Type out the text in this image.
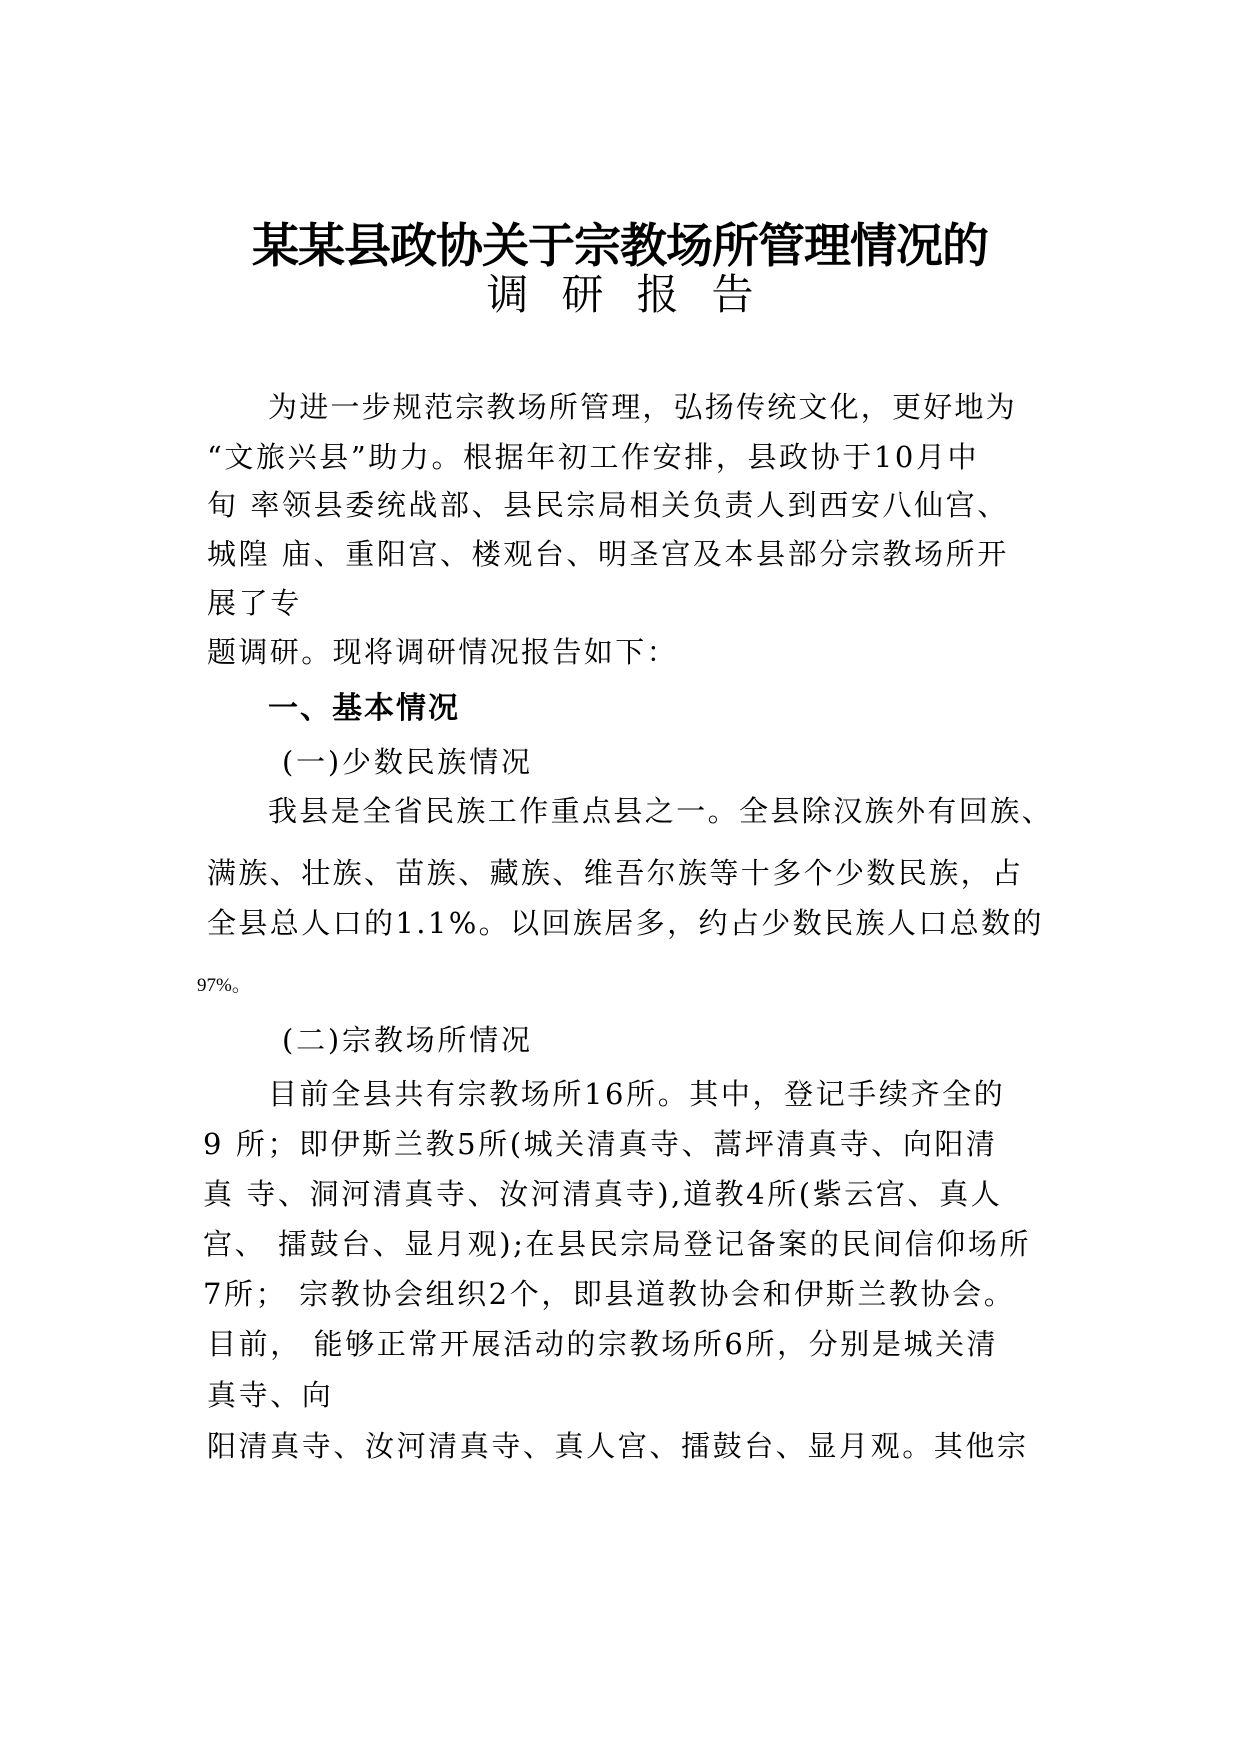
某某县政协关于宗教场所管理情况的
调研报告
为进一步规范宗教场所管理，弘扬传统文化，更好地为
“文旅兴县”助力。根据年初工作安排，县政协于10月中
旬 率领县委统战部、县民宗局相关负责人到西安八仙宫、
城隍 庙、重阳宫、楼观台、明圣宫及本县部分宗教场所开
展了专
题调研。现将调研情况报告如下：
一、基本情况
(一)少数民族情况
我县是全省民族工作重点县之一。全县除汉族外有回族、
满族、壮族、苗族、藏族、维吾尔族等十多个少数民族，占
全县总人口的1.1%。以回族居多，约占少数民族人口总数的
97%。
(二)宗教场所情况
目前全县共有宗教场所16所。其中，登记手续齐全的
9 所；即伊斯兰教5所(城关清真寺、蒿坪清真寺、向阳清
真 寺、洞河清真寺、汝河清真寺),道教4所(紫云宫、真人
宫、 擂鼓台、显月观);在县民宗局登记备案的民间信仰场所
7所； 宗教协会组织2个，即县道教协会和伊斯兰教协会。
目前， 能够正常开展活动的宗教场所6所，分别是城关清
真寺、向
阳清真寺、汝河清真寺、真人宫、擂鼓台、显月观。其他宗
